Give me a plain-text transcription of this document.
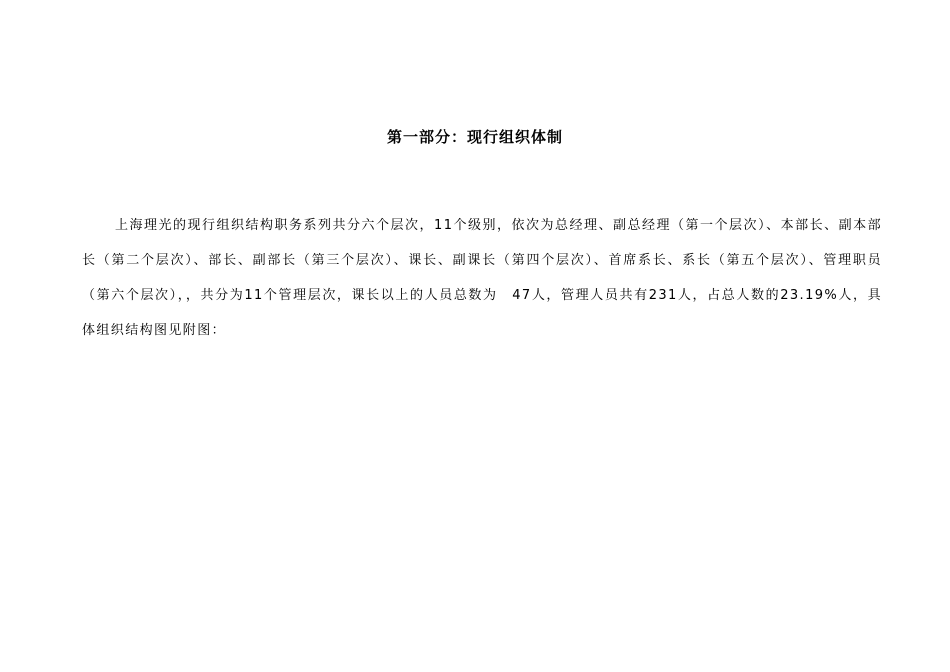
第一部分：现行组织体制
上海理光的现行组织结构职务系列共分六个层次，11个级别，依次为总经理、副总经理（第一个层次）、本部长、副本部长（第二个层次）、部长、副部长（第三个层次）、课长、副课长（第四个层次）、首席系长、系长（第五个层次）、管理职员（第六个层次），，共分为11个管理层次，课长以上的人员总数为　47人，管理人员共有231人，占总人数的23.19%人，具体组织结构图见附图：
